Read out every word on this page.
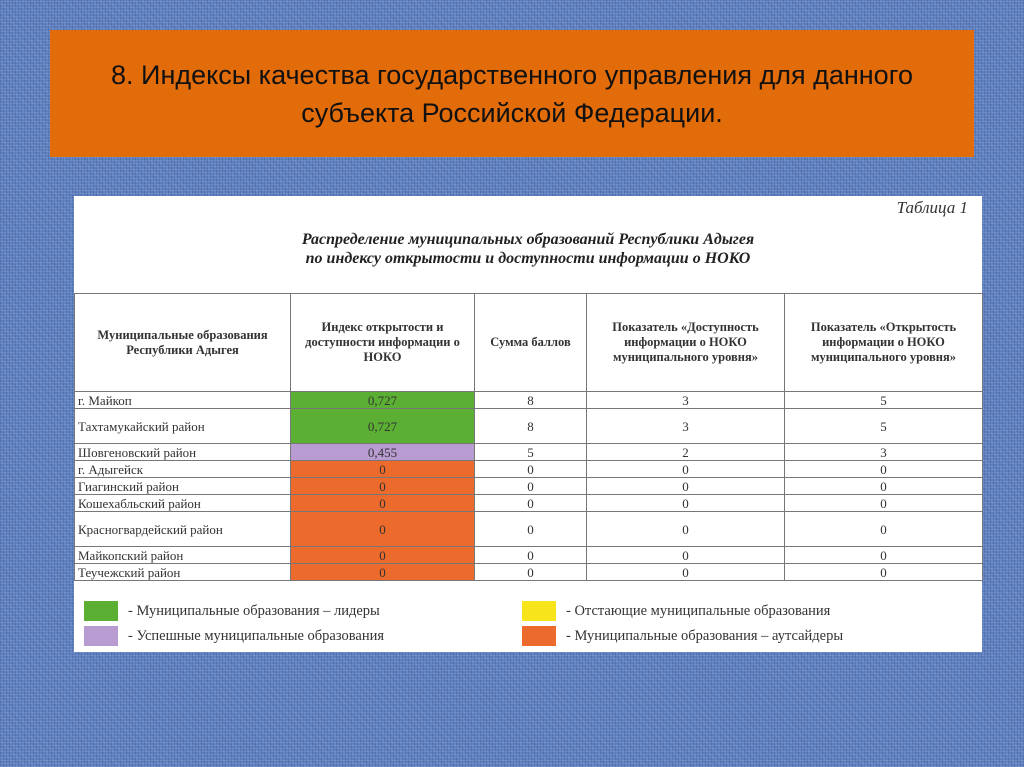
8. Индексы качества государственного управления для данного субъекта Российской Федерации.
Таблица 1
Распределение муниципальных образований Республики Адыгея
по индексу открытости и доступности информации о НОКО
Муниципальные образования Республики Адыгея	Индекс открытости и доступности информации о НОКО	Сумма баллов	Показатель «Доступность информации о НОКО муниципального уровня»	Показатель «Открытость информации о НОКО муниципального уровня»
г. Майкоп	0,727	8	3	5
Тахтамукайский район	0,727	8	3	5
Шовгеновский район	0,455	5	2	3
г. Адыгейск	0	0	0	0
Гиагинский район	0	0	0	0
Кошехабльский район	0	0	0	0
Красногвардейский район	0	0	0	0
Майкопский район	0	0	0	0
Теучежский район	0	0	0	0
- Муниципальные образования – лидеры	- Отстающие муниципальные образования
- Успешные муниципальные образования	- Муниципальные образования – аутсайдеры
